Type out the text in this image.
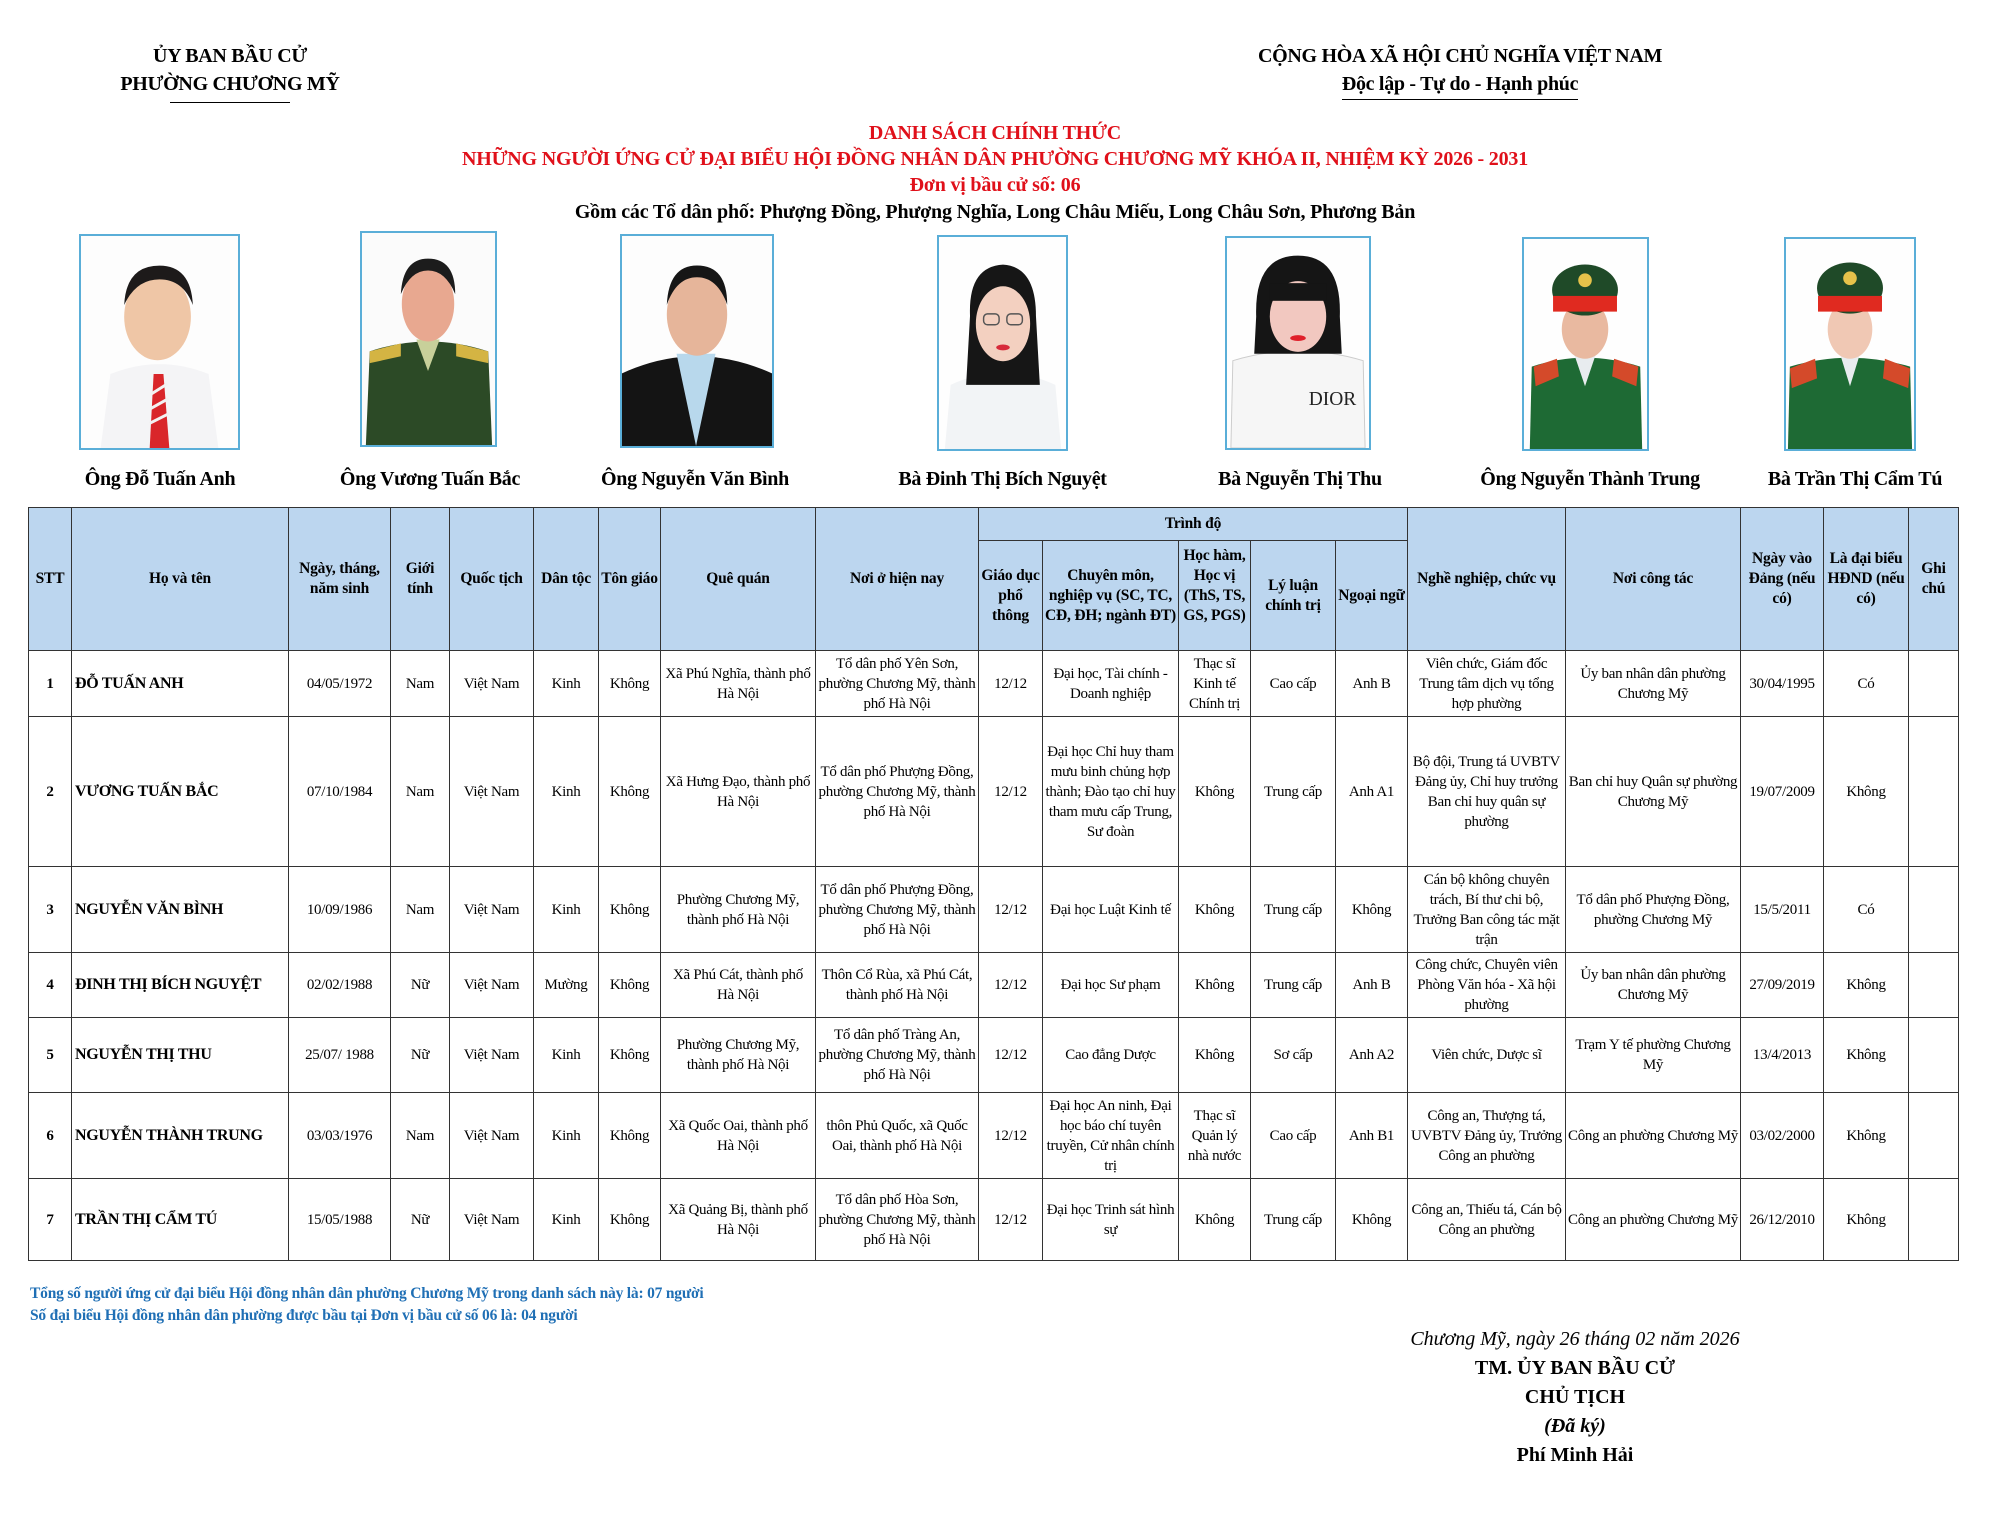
ỦY BAN BẦU CỬ
PHƯỜNG CHƯƠNG MỸ
CỘNG HÒA XÃ HỘI CHỦ NGHĨA VIỆT NAM
Độc lập - Tự do - Hạnh phúc
DANH SÁCH CHÍNH THỨC
NHỮNG NGƯỜI ỨNG CỬ ĐẠI BIỂU HỘI ĐỒNG NHÂN DÂN PHƯỜNG CHƯƠNG MỸ KHÓA II, NHIỆM KỲ 2026 - 2031
Đơn vị bầu cử số: 06
Gồm các Tổ dân phố: Phượng Đồng, Phượng Nghĩa, Long Châu Miếu, Long Châu Sơn, Phương Bản
Ông Đỗ Tuấn Anh	Ông Vương Tuấn Bắc	Ông Nguyễn Văn Bình	Bà Đinh Thị Bích Nguyệt
DIOR
Bà Nguyễn Thị Thu	Ông Nguyễn Thành Trung	Bà Trần Thị Cẩm Tú
STT	Họ và tên	Ngày, tháng, năm sinh	Giới tính	Quốc tịch	Dân tộc	Tôn giáo	Quê quán	Nơi ở hiện nay	Trình độ					Nghề nghiệp, chức vụ	Nơi công tác	Ngày vào Đảng (nếu có)	Là đại biểu HĐND (nếu có)	Ghi chú
									Giáo dục phổ thông	Chuyên môn, nghiệp vụ (SC, TC, CĐ, ĐH; ngành ĐT)	Học hàm, Học vị (ThS, TS, GS, PGS)	Lý luận chính trị	Ngoại ngữ					
1	ĐỖ TUẤN ANH	04/05/1972	Nam	Việt Nam	Kinh	Không	Xã Phú Nghĩa, thành phố Hà Nội	Tổ dân phố Yên Sơn, phường Chương Mỹ, thành phố Hà Nội	12/12	Đại học, Tài chính - Doanh nghiệp	Thạc sĩ Kinh tế Chính trị	Cao cấp	Anh B	Viên chức, Giám đốc Trung tâm dịch vụ tổng hợp phường	Ủy ban nhân dân phường Chương Mỹ	30/04/1995	Có	
2	VƯƠNG TUẤN BẮC	07/10/1984	Nam	Việt Nam	Kinh	Không	Xã Hưng Đạo, thành phố Hà Nội	Tổ dân phố Phượng Đồng, phường Chương Mỹ, thành phố Hà Nội	12/12	Đại học Chỉ huy tham mưu binh chủng hợp thành; Đào tạo chỉ huy tham mưu cấp Trung, Sư đoàn	Không	Trung cấp	Anh A1	Bộ đội, Trung tá UVBTV Đảng ủy, Chỉ huy trưởng Ban chỉ huy quân sự phường	Ban chỉ huy Quân sự phường Chương Mỹ	19/07/2009	Không	
3	NGUYỄN VĂN BÌNH	10/09/1986	Nam	Việt Nam	Kinh	Không	Phường Chương Mỹ, thành phố Hà Nội	Tổ dân phố Phượng Đồng, phường Chương Mỹ, thành phố Hà Nội	12/12	Đại học Luật Kinh tế	Không	Trung cấp	Không	Cán bộ không chuyên trách, Bí thư chi bộ, Trưởng Ban công tác mặt trận	Tổ dân phố Phượng Đồng, phường Chương Mỹ	15/5/2011	Có	
4	ĐINH THỊ BÍCH NGUYỆT	02/02/1988	Nữ	Việt Nam	Mường	Không	Xã Phú Cát, thành phố Hà Nội	Thôn Cổ Rùa, xã Phú Cát, thành phố Hà Nội	12/12	Đại học Sư phạm	Không	Trung cấp	Anh B	Công chức, Chuyên viên Phòng Văn hóa - Xã hội phường	Ủy ban nhân dân phường Chương Mỹ	27/09/2019	Không	
5	NGUYỄN THỊ THU	25/07/ 1988	Nữ	Việt Nam	Kinh	Không	Phường Chương Mỹ, thành phố Hà Nội	Tổ dân phố Tràng An, phường Chương Mỹ, thành phố Hà Nội	12/12	Cao đẳng Dược	Không	Sơ cấp	Anh A2	Viên chức, Dược sĩ	Trạm Y tế phường Chương Mỹ	13/4/2013	Không	
6	NGUYỄN THÀNH TRUNG	03/03/1976	Nam	Việt Nam	Kinh	Không	Xã Quốc Oai, thành phố Hà Nội	thôn Phủ Quốc, xã Quốc Oai, thành phố Hà Nội	12/12	Đại học An ninh, Đại học báo chí tuyên truyền, Cử nhân chính trị	Thạc sĩ Quản lý nhà nước	Cao cấp	Anh B1	Công an, Thượng tá, UVBTV Đảng ủy, Trưởng Công an phường	Công an phường Chương Mỹ	03/02/2000	Không	
7	TRẦN THỊ CẨM TÚ	15/05/1988	Nữ	Việt Nam	Kinh	Không	Xã Quảng Bị, thành phố Hà Nội	Tổ dân phố Hòa Sơn, phường Chương Mỹ, thành phố Hà Nội	12/12	Đại học Trinh sát hình sự	Không	Trung cấp	Không	Công an, Thiếu tá, Cán bộ Công an phường	Công an phường Chương Mỹ	26/12/2010	Không	
Tổng số người ứng cử đại biểu Hội đồng nhân dân phường Chương Mỹ trong danh sách này là: 07 người
Số đại biểu Hội đồng nhân dân phường được bầu tại Đơn vị bầu cử số 06 là: 04 người
Chương Mỹ, ngày 26 tháng 02 năm 2026
TM. ỦY BAN BẦU CỬ
CHỦ TỊCH
(Đã ký)
Phí Minh Hải
